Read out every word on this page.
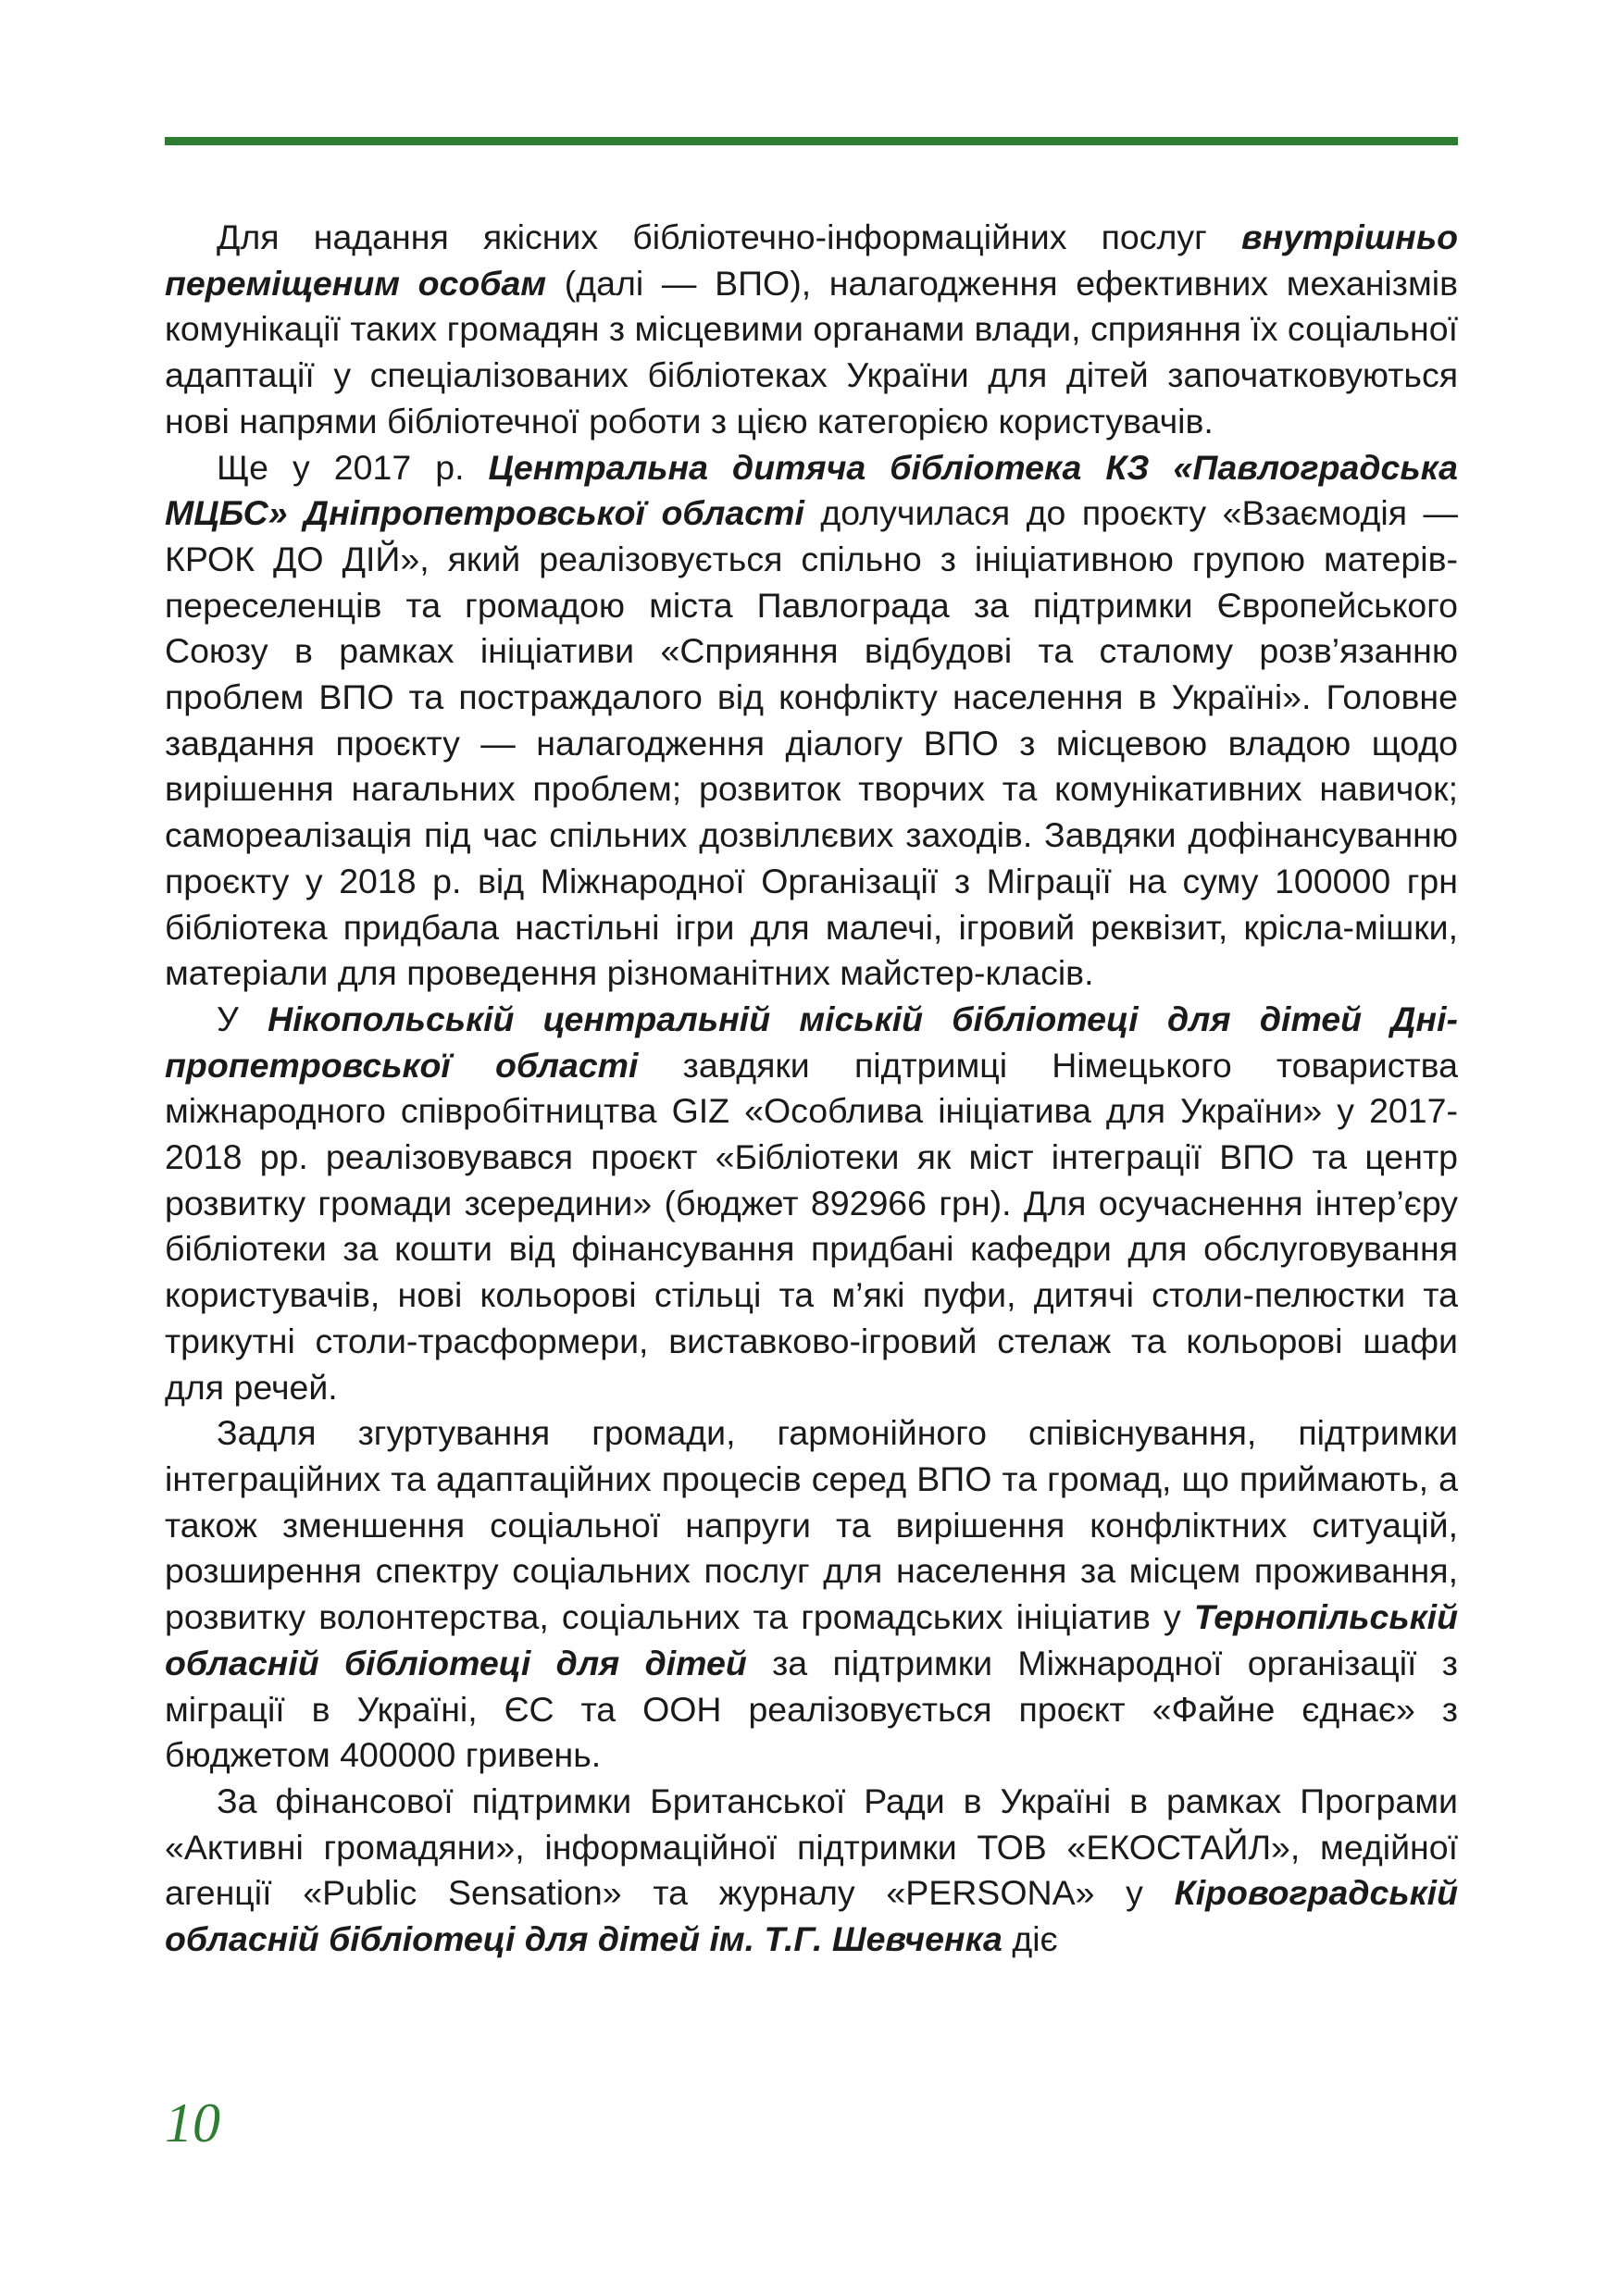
Для надання якісних бібліотечно-інформаційних послуг внутрішньо переміщеним особам (далі — ВПО), налагодження ефективних механізмів комунікації таких громадян з місцевими органами влади, сприяння їх соціальної адаптації у спеціалізованих бібліотеках України для дітей започатковуються нові напрями бібліотечної роботи з цією категорією користувачів.

Ще у 2017 р. Центральна дитяча бібліотека КЗ «Павлоградська МЦБС» Дніпропетровської області долучилася до проєкту «Взаємодія — КРОК ДО ДІЙ», який реалізовується спільно з ініціативною групою матерів-переселенців та громадою міста Павлограда за підтримки Європейського Союзу в рамках ініціативи «Сприяння відбудові та сталому розв’язанню проблем ВПО та постраждалого від конфлікту населення в Україні». Головне завдання проєкту — налагодження діалогу ВПО з місцевою владою щодо вирішення нагальних проблем; розвиток творчих та комунікативних навичок; самореалізація під час спільних дозвіллєвих заходів. Завдяки дофінансуванню проєкту у 2018 р. від Міжнародної Організації з Міграції на суму 100000 грн бібліотека придбала настільні ігри для малечі, ігровий реквізит, крісла-мішки, матеріали для проведення різноманітних майстер-класів.

У Нікопольській центральній міській бібліотеці для дітей Дніпропетровської області завдяки підтримці Німецького товариства міжнародного співробітництва GIZ «Особлива ініціатива для України» у 2017-2018 рр. реалізовувався проєкт «Бібліотеки як міст інтеграції ВПО та центр розвитку громади зсередини» (бюджет 892966 грн). Для осучаснення інтер’єру бібліотеки за кошти від фінансування придбані кафедри для обслуговування користувачів, нові кольорові стільці та м’які пуфи, дитячі столи-пелюстки та трикутні столи-трасформери, виставково-ігровий стелаж та кольорові шафи для речей.

Задля згуртування громади, гармонійного співіснування, підтримки інтеграційних та адаптаційних процесів серед ВПО та громад, що приймають, а також зменшення соціальної напруги та вирішення конфліктних ситуацій, розширення спектру соціальних послуг для населення за місцем проживання, розвитку волонтерства, соціальних та громадських ініціатив у Тернопільській обласній бібліотеці для дітей за підтримки Міжнародної організації з міграції в Україні, ЄС та ООН реалізовується проєкт «Файне єднає» з бюджетом 400000 гривень.

За фінансової підтримки Британської Ради в Україні в рамках Програми «Активні громадяни», інформаційної підтримки ТОВ «ЕКОСТАЙЛ», медійної агенції «Public Sensation» та журналу «PERSONA» у Кіровоградській обласній бібліотеці для дітей ім. Т.Г. Шевченка діє

10
